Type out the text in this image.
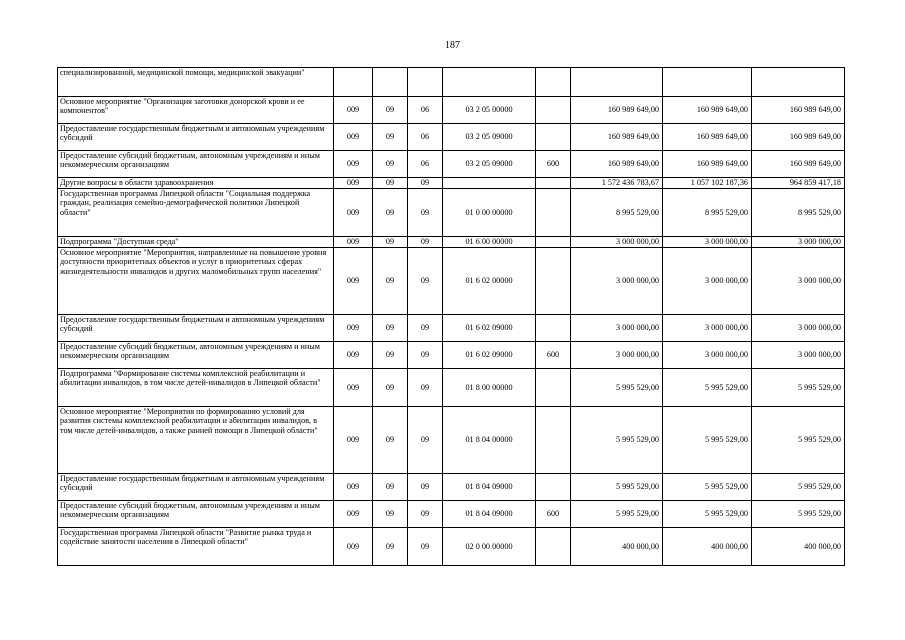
187
специализированной, медицинской помощи, медицинской эвакуации"								
Основное мероприятие "Организация заготовки донорской крови и ее компонентов"	009	09	06	03 2 05 00000		160 989 649,00	160 989 649,00	160 989 649,00
Предоставление государственным бюджетным и автономным учреждениям субсидий	009	09	06	03 2 05 09000		160 989 649,00	160 989 649,00	160 989 649,00
Предоставление субсидий бюджетным, автономным учреждениям и иным некоммерческим организациям	009	09	06	03 2 05 09000	600	160 989 649,00	160 989 649,00	160 989 649,00
Другие вопросы в области здравоохранения	009	09	09			1 572 436 783,67	1 057 102 187,36	964 859 417,18
Государственная программа Липецкой области "Социальная поддержка граждан, реализация семейно-демографической политики Липецкой области"	009	09	09	01 0 00 00000		8 995 529,00	8 995 529,00	8 995 529,00
Подпрограмма "Доступная среда"	009	09	09	01 6 00 00000		3 000 000,00	3 000 000,00	3 000 000,00
Основное мероприятие "Мероприятия, направленные на повышение уровня доступности приоритетных объектов и услуг в приоритетных сферах жизнедеятельности инвалидов и других маломобильных групп населения"	009	09	09	01 6 02 00000		3 000 000,00	3 000 000,00	3 000 000,00
Предоставление государственным бюджетным и автономным учреждениям субсидий	009	09	09	01 6 02 09000		3 000 000,00	3 000 000,00	3 000 000,00
Предоставление субсидий бюджетным, автономным учреждениям и иным некоммерческим организациям	009	09	09	01 6 02 09000	600	3 000 000,00	3 000 000,00	3 000 000,00
Подпрограмма "Формирование системы комплексной реабилитации и абилитации инвалидов, в том числе детей-инвалидов в Липецкой области"	009	09	09	01 8 00 00000		5 995 529,00	5 995 529,00	5 995 529,00
Основное мероприятие "Мероприятия по формированию условий для развития системы комплексной реабилитации и абилитации инвалидов, в том числе детей-инвалидов, а также ранней помощи в Липецкой области"	009	09	09	01 8 04 00000		5 995 529,00	5 995 529,00	5 995 529,00
Предоставление государственным бюджетным и автономным учреждениям субсидий	009	09	09	01 8 04 09000		5 995 529,00	5 995 529,00	5 995 529,00
Предоставление субсидий бюджетным, автономным учреждениям и иным некоммерческим организациям	009	09	09	01 8 04 09000	600	5 995 529,00	5 995 529,00	5 995 529,00
Государственная программа Липецкой области "Развитие рынка труда и содействие занятости населения в Липецкой области"	009	09	09	02 0 00 00000		400 000,00	400 000,00	400 000,00
